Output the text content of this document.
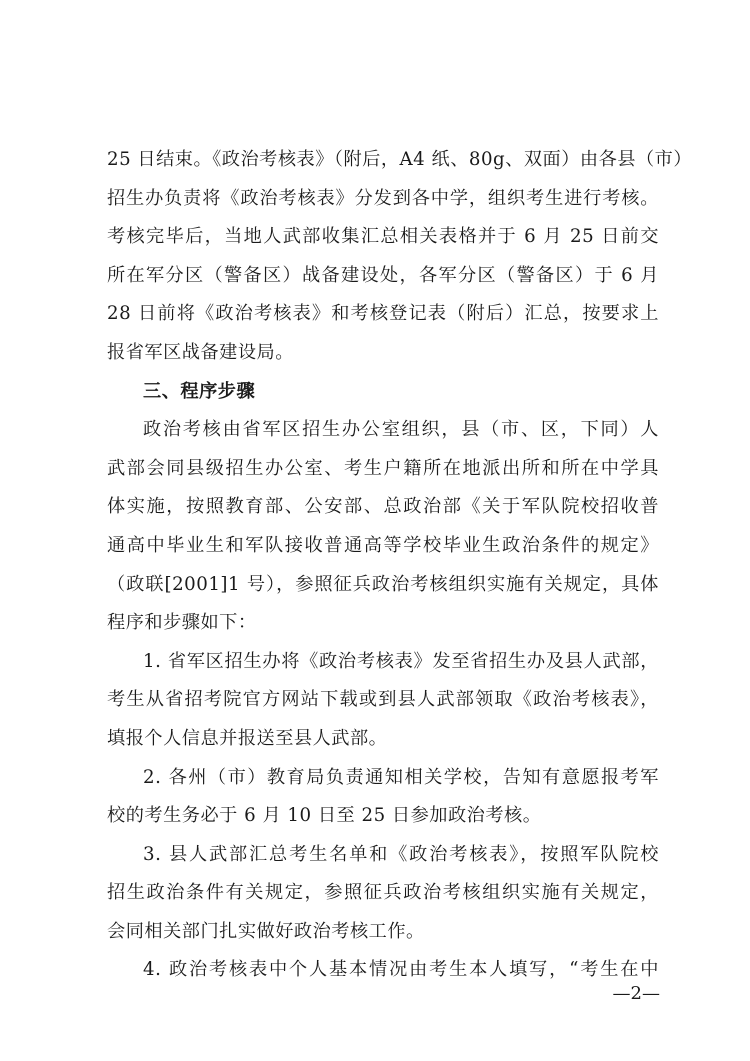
25 日结束。《政治考核表》（附后，A4 纸、80g、双面）由各县（市）
招生办负责将《政治考核表》分发到各中学，组织考生进行考核。
考核完毕后，当地人武部收集汇总相关表格并于 6 月 25 日前交
所在军分区（警备区）战备建设处，各军分区（警备区）于 6 月
28 日前将《政治考核表》和考核登记表（附后）汇总，按要求上
报省军区战备建设局。
三、程序步骤
政治考核由省军区招生办公室组织，县（市、区，下同）人
武部会同县级招生办公室、考生户籍所在地派出所和所在中学具
体实施，按照教育部、公安部、总政治部《关于军队院校招收普
通高中毕业生和军队接收普通高等学校毕业生政治条件的规定》
（政联[2001]1 号），参照征兵政治考核组织实施有关规定，具体
程序和步骤如下：
1. 省军区招生办将《政治考核表》发至省招生办及县人武部，
考生从省招考院官方网站下载或到县人武部领取《政治考核表》，
填报个人信息并报送至县人武部。
2. 各州（市）教育局负责通知相关学校，告知有意愿报考军
校的考生务必于 6 月 10 日至 25 日参加政治考核。
3. 县人武部汇总考生名单和《政治考核表》，按照军队院校
招生政治条件有关规定，参照征兵政治考核组织实施有关规定，
会同相关部门扎实做好政治考核工作。
4. 政治考核表中个人基本情况由考生本人填写，“考生在中
—2—
